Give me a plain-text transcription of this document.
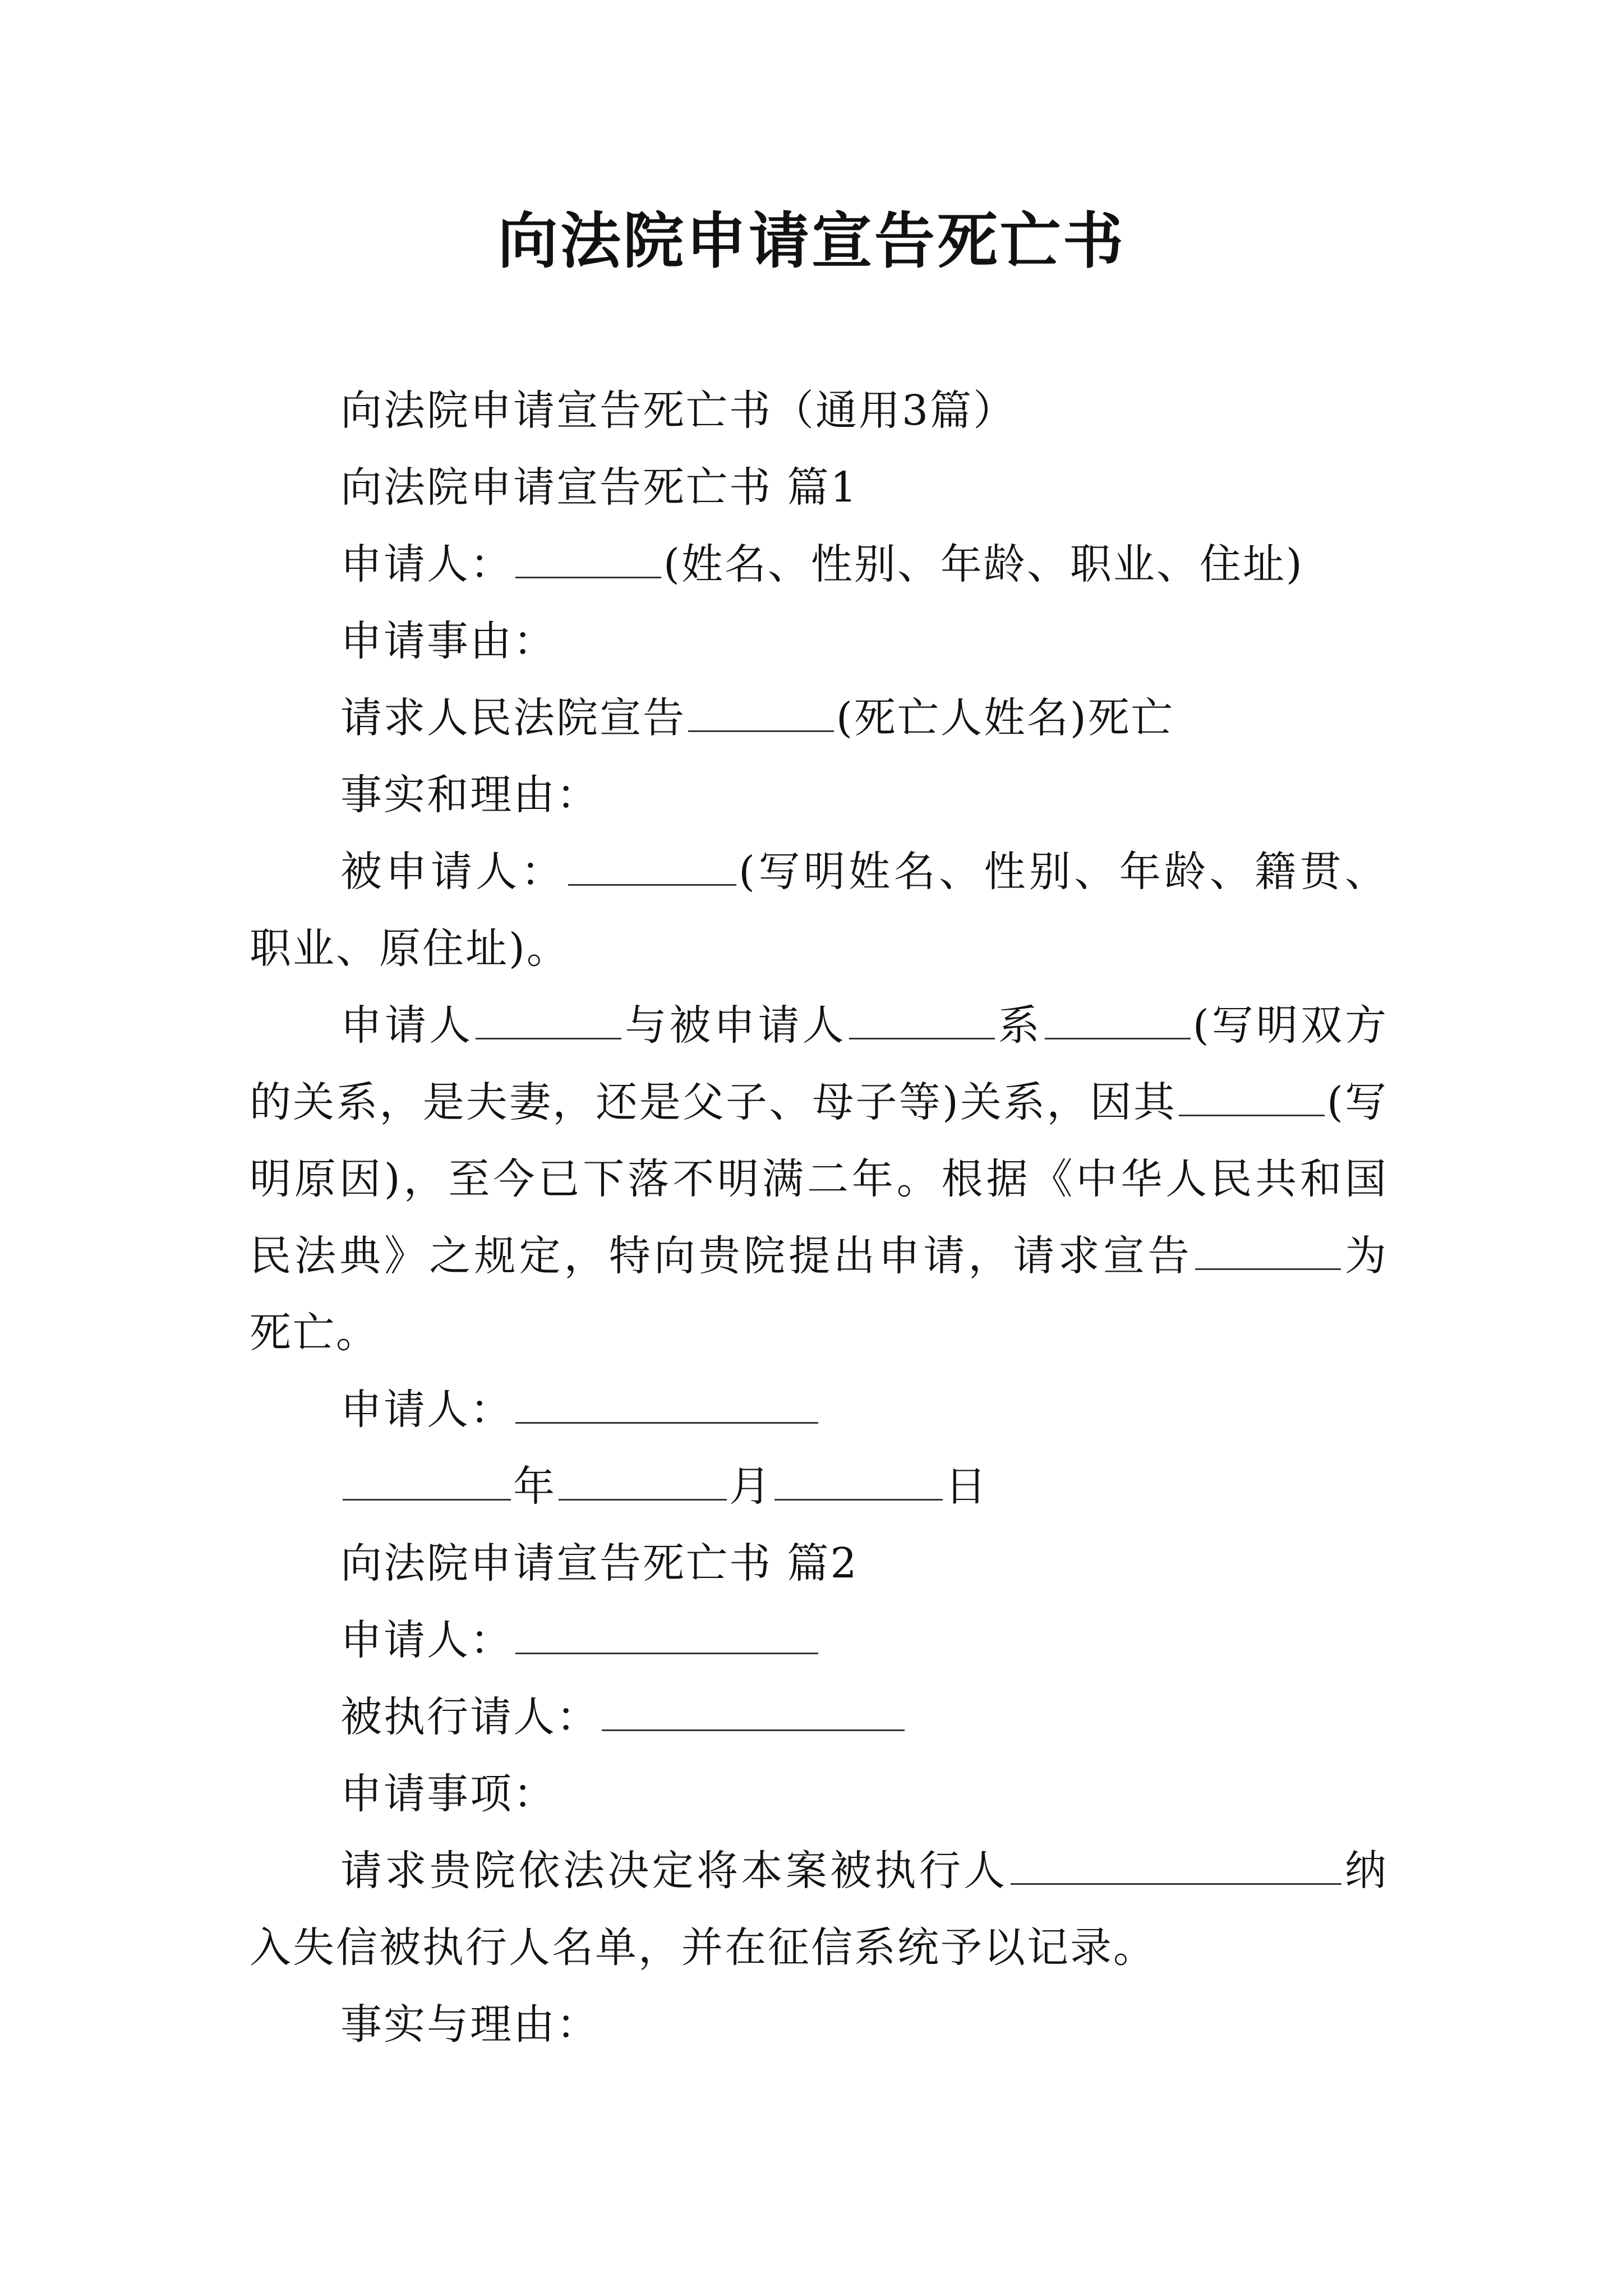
向法院申请宣告死亡书

向法院申请宣告死亡书（通用3篇）

向法院申请宣告死亡书 篇1

申请人：	(姓名、性别、年龄、职业、住址)

申请事由：

请求人民法院宣告	(死亡人姓名)死亡

事实和理由：

被申请人：	(写明姓名、性别、年龄、籍贯、职业、原住址)。

申请人	与被申请人	系	(写明双方的关系，是夫妻，还是父子、母子等)关系，因其	(写明原因)，至今已下落不明满二年。根据《中华人民共和国民法典》之规定，特向贵院提出申请，请求宣告	为死亡。

申请人：

年	月	日

向法院申请宣告死亡书 篇2

申请人：

被执行请人：

申请事项：

请求贵院依法决定将本案被执行人	纳入失信被执行人名单，并在征信系统予以记录。

事实与理由：
